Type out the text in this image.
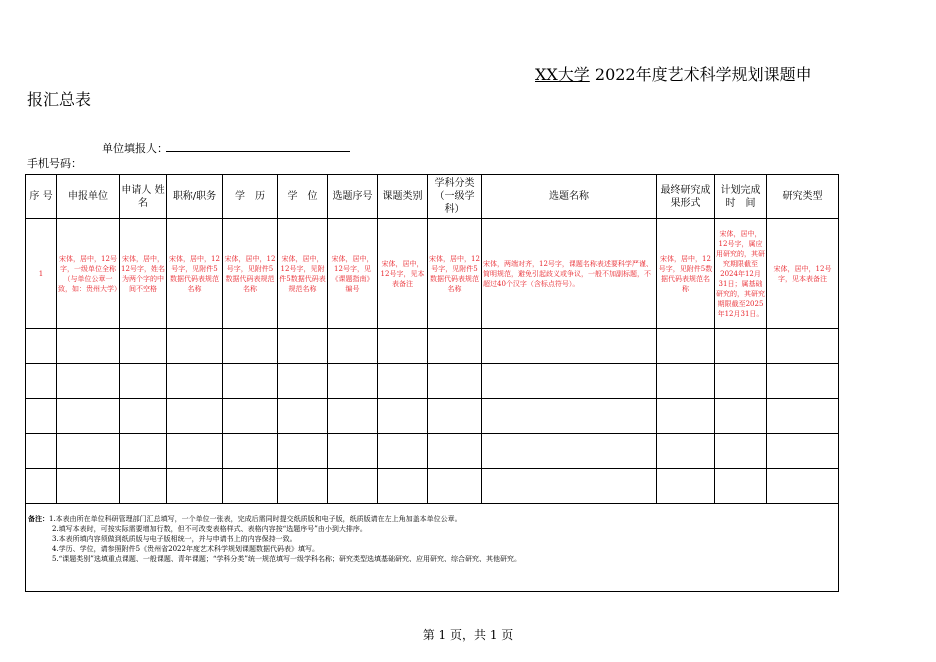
XX大学 2022年度艺术科学规划课题申
报汇总表
单位填报人：
手机号码：
序 号	申报单位	申请人 姓　名	职称/职务	学　历	学　位	选题序号	课题类别	学科分类（一级学科）	选题名称	最终研究成果形式	计划完成时　间	研究类型
1	宋体，居中，12号字，一级单位全称（与单位公章一致，如：贵州大学）	宋体，居中，12号字，姓名为两个字的中间不空格	宋体，居中，12号字，见附件5数据代码表规范名称	宋体，居中，12号字，见附件5数据代码表规范名称	宋体，居中，12号字，见附件5数据代码表规范名称	宋体，居中，12号字，见《课题指南》编号	宋体，居中，12号字，见本表备注	宋体，居中，12号字，见附件5数据代码表规范名称	宋体，两端对齐，12号字，课题名称表述要科学严谨、简明规范，避免引起歧义或争议，一般不加副标题，不超过40个汉字（含标点符号）。	宋体，居中，12号字，见附件5数据代码表规范名称	宋体，居中，12号字，属应用研究的，其研究期限截至2024年12月31日；属基础研究的，其研究期限截至2025年12月31日。	宋体，居中，12号字，见本表备注

备注：1.本表由所在单位科研管理部门汇总填写，一个单位一张表，完成后需同时提交纸质版和电子版，纸质版请在左上角加盖本单位公章。
2.填写本表时，可按实际需要增加行数，但不可改变表格样式、表格内容按“选题序号”由小到大排序。
3.本表所填内容须做到纸质版与电子版相统一，并与申请书上的内容保持一致。
4.学历、学位，请参照附件5《贵州省2022年度艺术科学规划课题数据代码表》填写。
5.“课题类别”选填重点课题、一般课题、青年课题；“学科分类”统一规范填写一级学科名称；研究类型选填基础研究、应用研究、综合研究、其他研究。												
第 1 页，共 1 页
